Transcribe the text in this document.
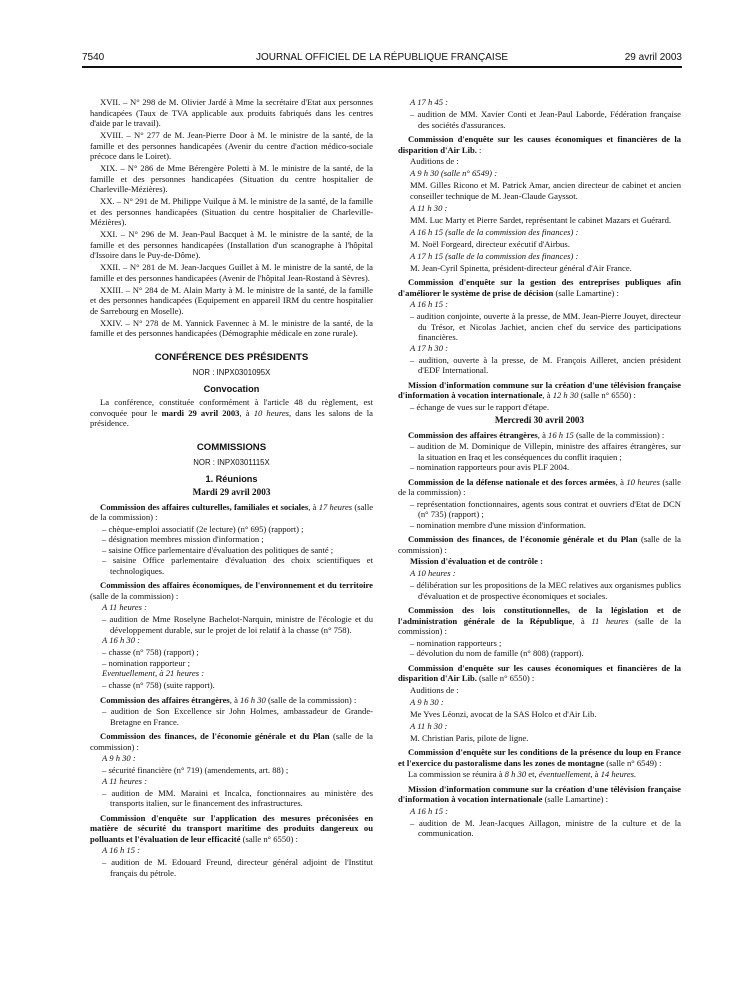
7540	JOURNAL OFFICIEL DE LA RÉPUBLIQUE FRANÇAISE	29 avril 2003

XVII. – N° 298 de M. Olivier Jardé à Mme la secrétaire d'Etat aux personnes handicapées (Taux de TVA applicable aux produits fabriqués dans les centres d'aide par le travail).

XVIII. – N° 277 de M. Jean-Pierre Door à M. le ministre de la santé, de la famille et des personnes handicapées (Avenir du centre d'action médico-sociale précoce dans le Loiret).

XIX. – N° 286 de Mme Bérengère Poletti à M. le ministre de la santé, de la famille et des personnes handicapées (Situation du centre hospitalier de Charleville-Mézières).

XX. – N° 291 de M. Philippe Vuilque à M. le ministre de la santé, de la famille et des personnes handicapées (Situation du centre hospitalier de Charleville-Mézières).

XXI. – N° 296 de M. Jean-Paul Bacquet à M. le ministre de la santé, de la famille et des personnes handicapées (Installation d'un scanographe à l'hôpital d'Issoire dans le Puy-de-Dôme).

XXII. – N° 281 de M. Jean-Jacques Guillet à M. le ministre de la santé, de la famille et des personnes handicapées (Avenir de l'hôpital Jean-Rostand à Sèvres).

XXIII. – N° 284 de M. Alain Marty à M. le ministre de la santé, de la famille et des personnes handicapées (Equipement en appareil IRM du centre hospitalier de Sarrebourg en Moselle).

XXIV. – N° 278 de M. Yannick Favennec à M. le ministre de la santé, de la famille et des personnes handicapées (Démographie médicale en zone rurale).

CONFÉRENCE DES PRÉSIDENTS
NOR : INPX0301095X
Convocation

La conférence, constituée conformément à l'article 48 du règlement, est convoquée pour le mardi 29 avril 2003, à 10 heures, dans les salons de la présidence.

COMMISSIONS
NOR : INPX0301115X
1. Réunions
Mardi 29 avril 2003

Commission des affaires culturelles, familiales et sociales, à 17 heures (salle de la commission) :

– chèque-emploi associatif (2e lecture) (n° 695) (rapport) ;

– désignation membres mission d'information ;

– saisine Office parlementaire d'évaluation des politiques de santé ;

– saisine Office parlementaire d'évaluation des choix scientifiques et technologiques.

Commission des affaires économiques, de l'environnement et du territoire (salle de la commission) :

A 11 heures :

– audition de Mme Roselyne Bachelot-Narquin, ministre de l'écologie et du développement durable, sur le projet de loi relatif à la chasse (n° 758).

A 16 h 30 :

– chasse (n° 758) (rapport) ;

– nomination rapporteur ;

Eventuellement, à 21 heures :

– chasse (n° 758) (suite rapport).

Commission des affaires étrangères, à 16 h 30 (salle de la commission) :

– audition de Son Excellence sir John Holmes, ambassadeur de Grande-Bretagne en France.

Commission des finances, de l'économie générale et du Plan (salle de la commission) :

A 9 h 30 :

– sécurité financière (n° 719) (amendements, art. 88) ;

A 11 heures :

– audition de MM. Maraini et Incalca, fonctionnaires au ministère des transports italien, sur le financement des infrastructures.

Commission d'enquête sur l'application des mesures préconisées en matière de sécurité du transport maritime des produits dangereux ou polluants et l'évaluation de leur efficacité (salle n° 6550) :

A 16 h 15 :

– audition de M. Edouard Freund, directeur général adjoint de l'Institut français du pétrole.

A 17 h 45 :

– audition de MM. Xavier Conti et Jean-Paul Laborde, Fédération française des sociétés d'assurances.

Commission d'enquête sur les causes économiques et financières de la disparition d'Air Lib. :

Auditions de :

A 9 h 30 (salle n° 6549) :

MM. Gilles Ricono et M. Patrick Amar, ancien directeur de cabinet et ancien conseiller technique de M. Jean-Claude Gayssot.

A 11 h 30 :

MM. Luc Marty et Pierre Sardet, représentant le cabinet Mazars et Guérard.

A 16 h 15 (salle de la commission des finances) :

M. Noël Forgeard, directeur exécutif d'Airbus.

A 17 h 15 (salle de la commission des finances) :

M. Jean-Cyril Spinetta, président-directeur général d'Air France.

Commission d'enquête sur la gestion des entreprises publiques afin d'améliorer le système de prise de décision (salle Lamartine) :

A 16 h 15 :

– audition conjointe, ouverte à la presse, de MM. Jean-Pierre Jouyet, directeur du Trésor, et Nicolas Jachiet, ancien chef du service des participations financières.

A 17 h 30 :

– audition, ouverte à la presse, de M. François Ailleret, ancien président d'EDF International.

Mission d'information commune sur la création d'une télévision française d'information à vocation internationale, à 12 h 30 (salle n° 6550) :

– échange de vues sur le rapport d'étape.

Mercredi 30 avril 2003

Commission des affaires étrangères, à 16 h 15 (salle de la commission) :

– audition de M. Dominique de Villepin, ministre des affaires étrangères, sur la situation en Iraq et les conséquences du conflit iraquien ;

– nomination rapporteurs pour avis PLF 2004.

Commission de la défense nationale et des forces armées, à 10 heures (salle de la commission) :

– représentation fonctionnaires, agents sous contrat et ouvriers d'Etat de DCN (n° 735) (rapport) ;

– nomination membre d'une mission d'information.

Commission des finances, de l'économie générale et du Plan (salle de la commission) :

Mission d'évaluation et de contrôle :

A 10 heures :

– délibération sur les propositions de la MEC relatives aux organismes publics d'évaluation et de prospective économiques et sociales.

Commission des lois constitutionnelles, de la législation et de l'administration générale de la République, à 11 heures (salle de la commission) :

– nomination rapporteurs ;

– dévolution du nom de famille (n° 808) (rapport).

Commission d'enquête sur les causes économiques et financières de la disparition d'Air Lib. (salle n° 6550) :

Auditions de :

A 9 h 30 :

Me Yves Léonzi, avocat de la SAS Holco et d'Air Lib.

A 11 h 30 :

M. Christian Paris, pilote de ligne.

Commission d'enquête sur les conditions de la présence du loup en France et l'exercice du pastoralisme dans les zones de montagne (salle n° 6549) :

La commission se réunira à 8 h 30 et, éventuellement, à 14 heures.

Mission d'information commune sur la création d'une télévision française d'information à vocation internationale (salle Lamartine) :

A 16 h 15 :

– audition de M. Jean-Jacques Aillagon, ministre de la culture et de la communication.
